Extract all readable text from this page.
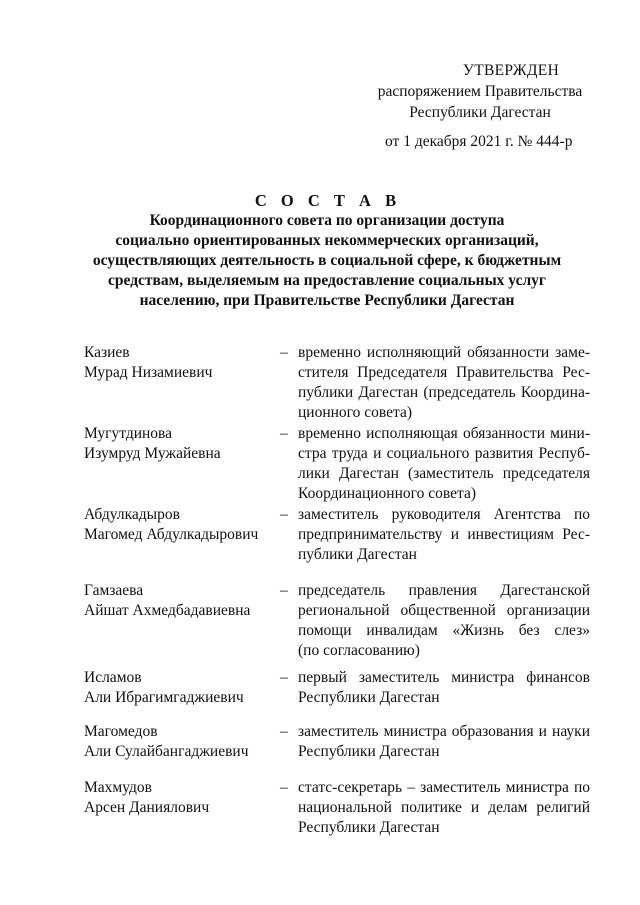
УТВЕРЖДЕН
распоряжением Правительства
Республики Дагестан
от 1 декабря 2021 г. № 444-р
С О С Т А В
Координационного совета по организации доступа
социально ориентированных некоммерческих организаций,
осуществляющих деятельность в социальной сфере, к бюджетным
средствам, выделяемым на предоставление социальных услуг
населению, при Правительстве Республики Дагестан
Казиев
Мурад Низамиевич
– временно исполняющий обязанности заме-
стителя Председателя Правительства Рес-
публики Дагестан (председатель Координа-
ционного совета)
Мугутдинова
Изумруд Мужайевна
– временно исполняющая обязанности мини-
стра труда и социального развития Респуб-
лики Дагестан (заместитель председателя
Координационного совета)
Абдулкадыров
Магомед Абдулкадырович
– заместитель руководителя Агентства по
предпринимательству и инвестициям Рес-
публики Дагестан
Гамзаева
Айшат Ахмедбадавиевна
– председатель правления Дагестанской
региональной общественной организации
помощи инвалидам «Жизнь без слез»
(по согласованию)
Исламов
Али Ибрагимгаджиевич
– первый заместитель министра финансов
Республики Дагестан
Магомедов
Али Сулайбангаджиевич
– заместитель министра образования и науки
Республики Дагестан
Махмудов
Арсен Даниялович
– статс-секретарь – заместитель министра по
национальной политике и делам религий
Республики Дагестан
